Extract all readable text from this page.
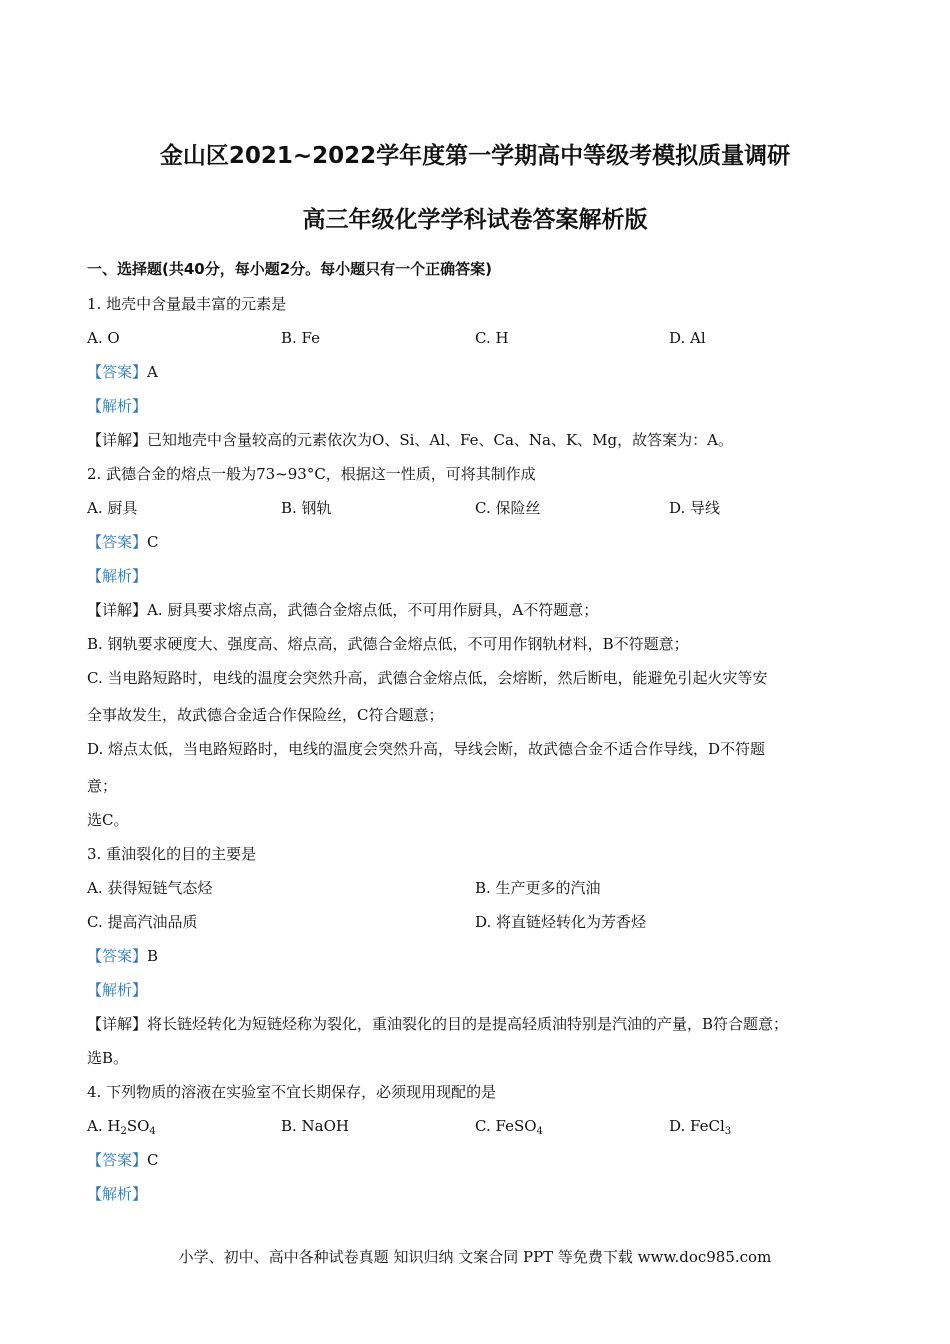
金山区2021~2022学年度第一学期高中等级考模拟质量调研
高三年级化学学科试卷答案解析版
一、选择题(共40分，每小题2分。每小题只有一个正确答案)
1. 地壳中含量最丰富的元素是
A. O	B. Fe	C. H	D. Al
【答案】A
【解析】
【详解】已知地壳中含量较高的元素依次为O、Si、Al、Fe、Ca、Na、K、Mg，故答案为：A。
2. 武德合金的熔点一般为73~93°C，根据这一性质，可将其制作成
A. 厨具	B. 钢轨	C. 保险丝	D. 导线
【答案】C
【解析】
【详解】A. 厨具要求熔点高，武德合金熔点低，不可用作厨具，A不符题意；
B. 钢轨要求硬度大、强度高、熔点高，武德合金熔点低，不可用作钢轨材料，B不符题意；
C. 当电路短路时，电线的温度会突然升高，武德合金熔点低，会熔断，然后断电，能避免引起火灾等安
全事故发生，故武德合金适合作保险丝，C符合题意；
D. 熔点太低，当电路短路时，电线的温度会突然升高，导线会断，故武德合金不适合作导线，D不符题
意；
选C。
3. 重油裂化的目的主要是
A. 获得短链气态烃	B. 生产更多的汽油
C. 提高汽油品质	D. 将直链烃转化为芳香烃
【答案】B
【解析】
【详解】将长链烃转化为短链烃称为裂化，重油裂化的目的是提高轻质油特别是汽油的产量，B符合题意；
选B。
4. 下列物质的溶液在实验室不宜长期保存，必须现用现配的是
A. $H_2SO_4$	B. NaOH	C. FeSO$_4$	D. FeCl$_3$
【答案】C
【解析】
小学、初中、高中各种试卷真题 知识归纳 文案合同 PPT 等免费下载 www.doc985.com
